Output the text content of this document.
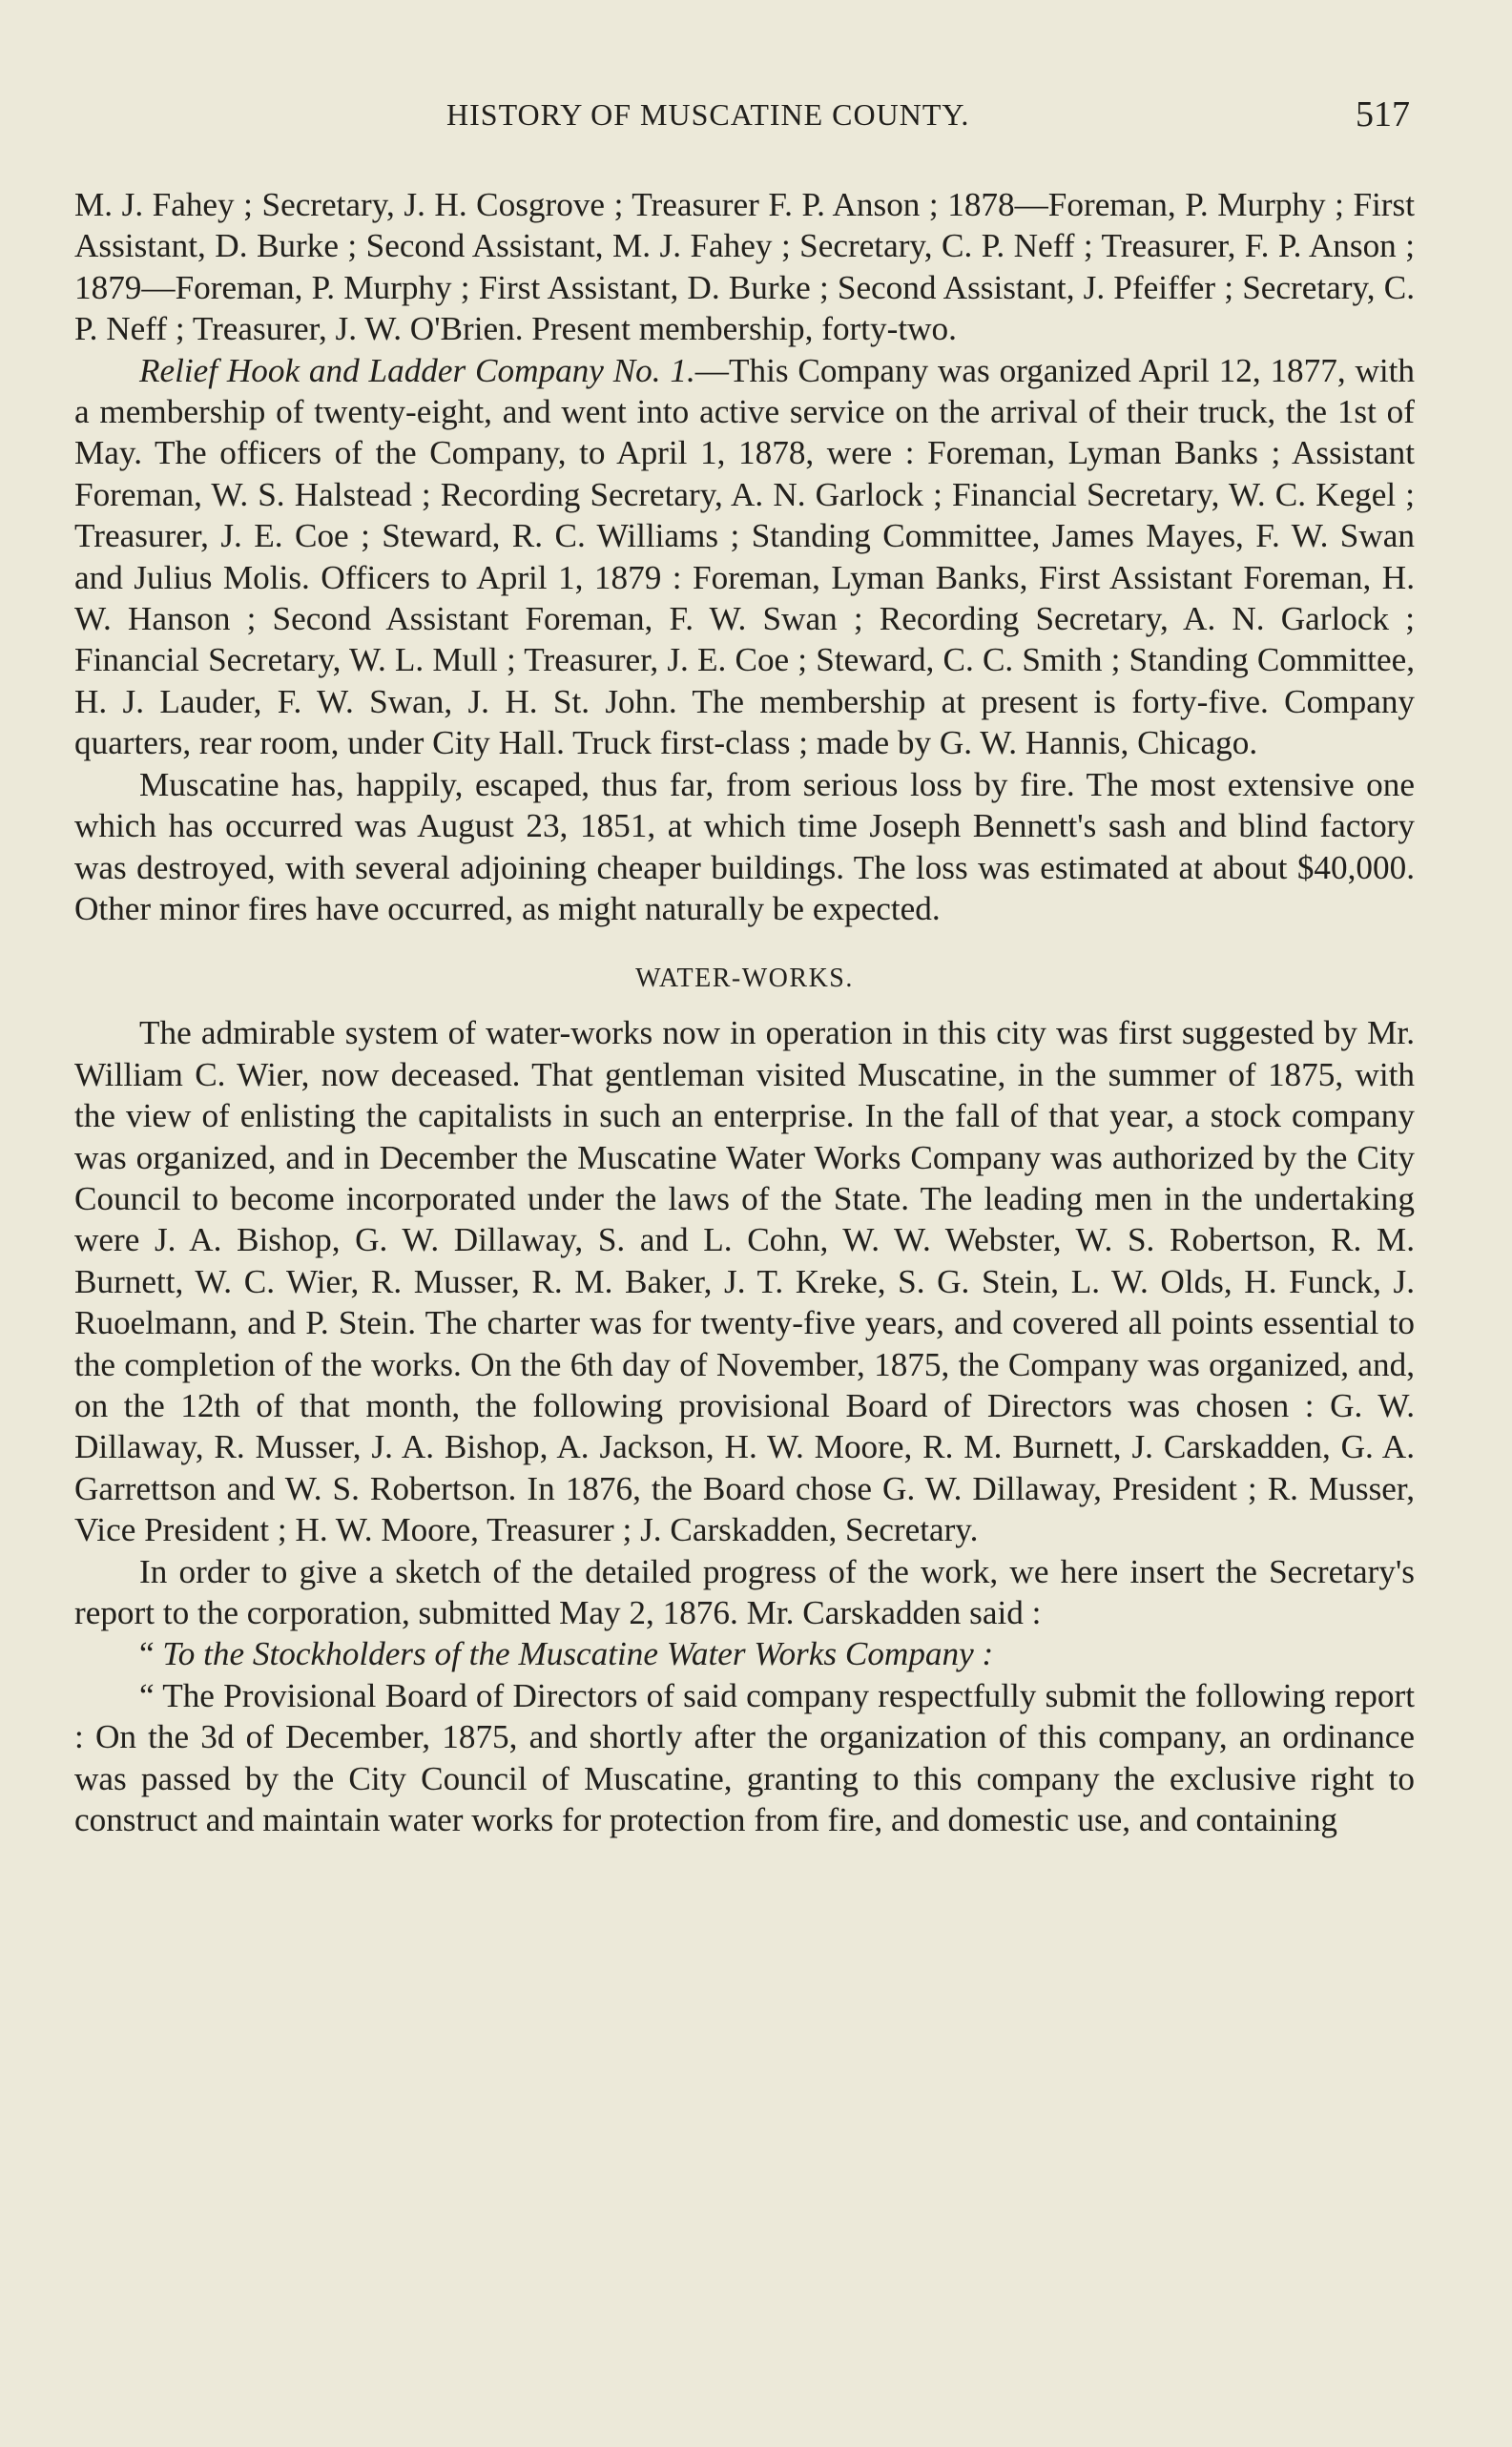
HISTORY OF MUSCATINE COUNTY.	517

M. J. Fahey ; Secretary, J. H. Cosgrove ; Treasurer F. P. Anson ; 1878—Foreman, P. Murphy ; First Assistant, D. Burke ; Second Assistant, M. J. Fahey ; Secretary, C. P. Neff ; Treasurer, F. P. Anson ; 1879—Foreman, P. Murphy ; First Assistant, D. Burke ; Second Assistant, J. Pfeiffer ; Secretary, C. P. Neff ; Treasurer, J. W. O'Brien. Present membership, forty-two.

Relief Hook and Ladder Company No. 1.—This Company was organized April 12, 1877, with a membership of twenty-eight, and went into active service on the arrival of their truck, the 1st of May. The officers of the Company, to April 1, 1878, were : Foreman, Lyman Banks ; Assistant Foreman, W. S. Halstead ; Recording Secretary, A. N. Garlock ; Financial Secretary, W. C. Kegel ; Treasurer, J. E. Coe ; Steward, R. C. Williams ; Standing Committee, James Mayes, F. W. Swan and Julius Molis. Officers to April 1, 1879 : Foreman, Lyman Banks, First Assistant Foreman, H. W. Hanson ; Second Assistant Foreman, F. W. Swan ; Recording Secretary, A. N. Garlock ; Financial Secretary, W. L. Mull ; Treasurer, J. E. Coe ; Steward, C. C. Smith ; Standing Committee, H. J. Lauder, F. W. Swan, J. H. St. John. The membership at present is forty-five. Company quarters, rear room, under City Hall. Truck first-class ; made by G. W. Hannis, Chicago.

Muscatine has, happily, escaped, thus far, from serious loss by fire. The most extensive one which has occurred was August 23, 1851, at which time Joseph Bennett's sash and blind factory was destroyed, with several adjoining cheaper buildings. The loss was estimated at about $40,000. Other minor fires have occurred, as might naturally be expected.

WATER-WORKS.

The admirable system of water-works now in operation in this city was first suggested by Mr. William C. Wier, now deceased. That gentleman visited Muscatine, in the summer of 1875, with the view of enlisting the capitalists in such an enterprise. In the fall of that year, a stock company was organized, and in December the Muscatine Water Works Company was authorized by the City Council to become incorporated under the laws of the State. The leading men in the undertaking were J. A. Bishop, G. W. Dillaway, S. and L. Cohn, W. W. Webster, W. S. Robertson, R. M. Burnett, W. C. Wier, R. Musser, R. M. Baker, J. T. Kreke, S. G. Stein, L. W. Olds, H. Funck, J. Ruoelmann, and P. Stein. The charter was for twenty-five years, and covered all points essential to the completion of the works. On the 6th day of November, 1875, the Company was organized, and, on the 12th of that month, the following provisional Board of Directors was chosen : G. W. Dillaway, R. Musser, J. A. Bishop, A. Jackson, H. W. Moore, R. M. Burnett, J. Carskadden, G. A. Garrettson and W. S. Robertson. In 1876, the Board chose G. W. Dillaway, President ; R. Musser, Vice President ; H. W. Moore, Treasurer ; J. Carskadden, Secretary.

In order to give a sketch of the detailed progress of the work, we here insert the Secretary's report to the corporation, submitted May 2, 1876. Mr. Carskadden said :

“ To the Stockholders of the Muscatine Water Works Company :

“ The Provisional Board of Directors of said company respectfully submit the following report : On the 3d of December, 1875, and shortly after the organization of this company, an ordinance was passed by the City Council of Muscatine, granting to this company the exclusive right to construct and maintain water works for protection from fire, and domestic use, and containing
